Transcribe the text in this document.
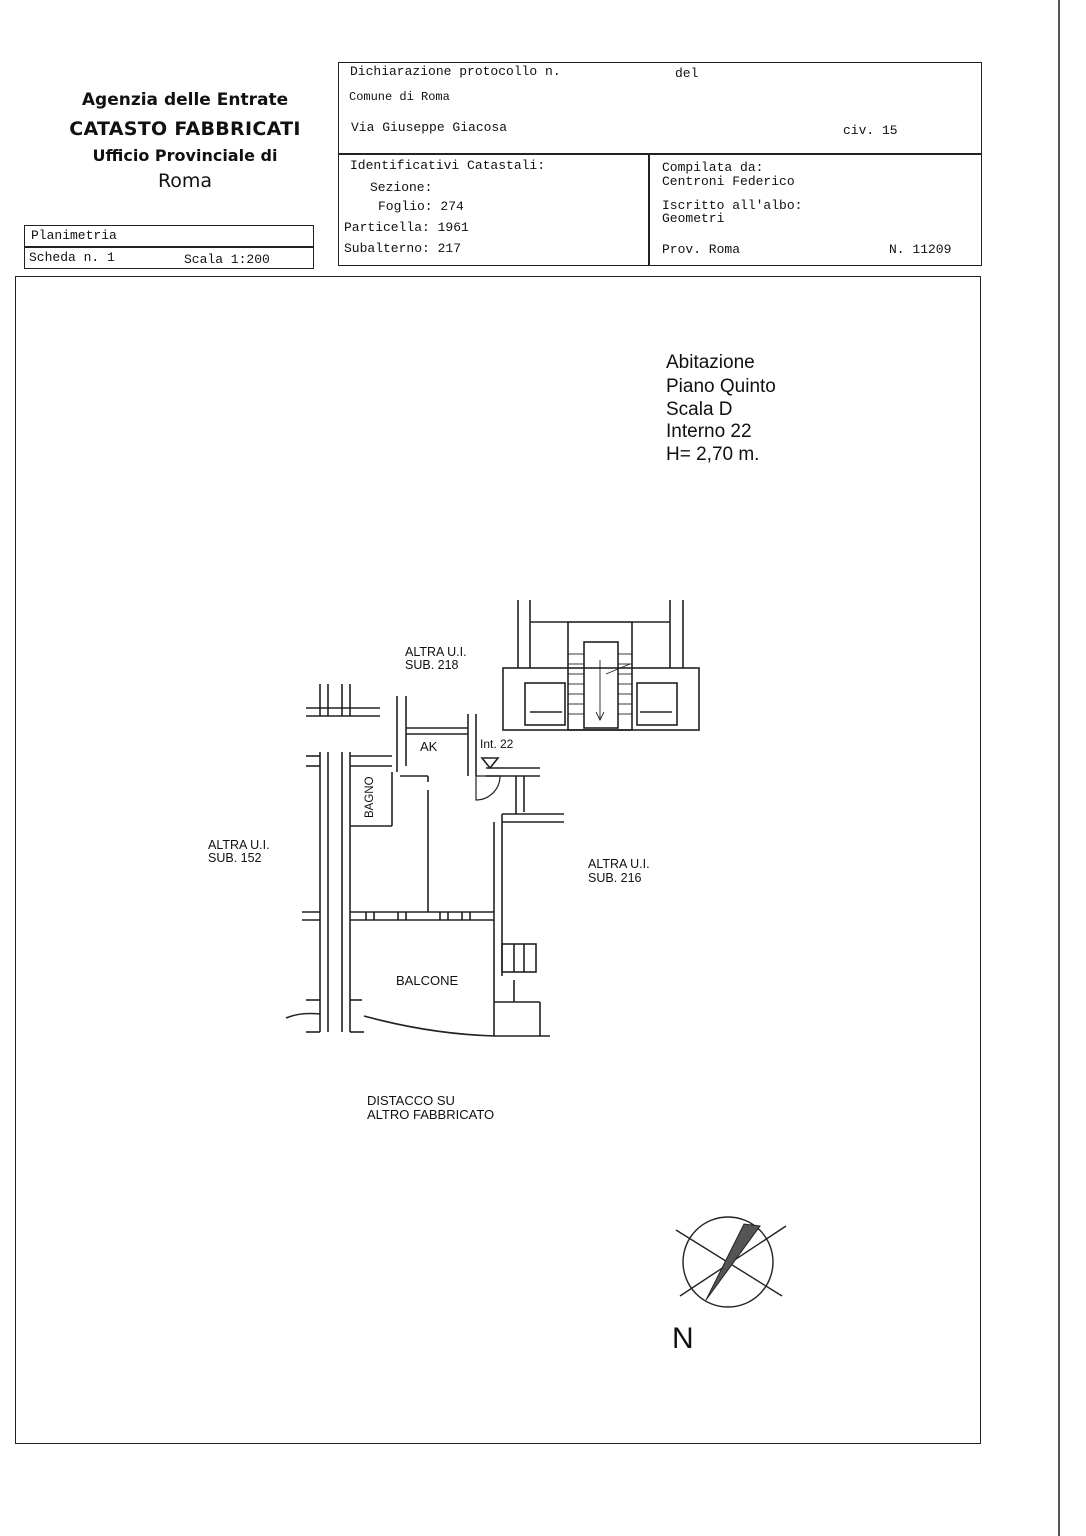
Agenzia delle Entrate
CATASTO FABBRICATI
Ufficio Provinciale di
Roma
Planimetria
Scheda n. 1	Scala 1:200
Dichiarazione protocollo n.	del
Comune di Roma
Via Giuseppe Giacosa	civ. 15
Identificativi Catastali:
Sezione:
Foglio: 274
Particella: 1961
Subalterno: 217
Compilata da:
Centroni Federico
Iscritto all'albo:
Geometri
Prov. Roma	N. 11209
Abitazione
Piano Quinto
Scala D
Interno 22
H= 2,70 m.
ALTRA U.I.
SUB. 218
AK	Int. 22
BAGNO
ALTRA U.I.
SUB. 152	ALTRA U.I.
SUB. 216
BALCONE
DISTACCO SU
ALTRO FABBRICATO
N
